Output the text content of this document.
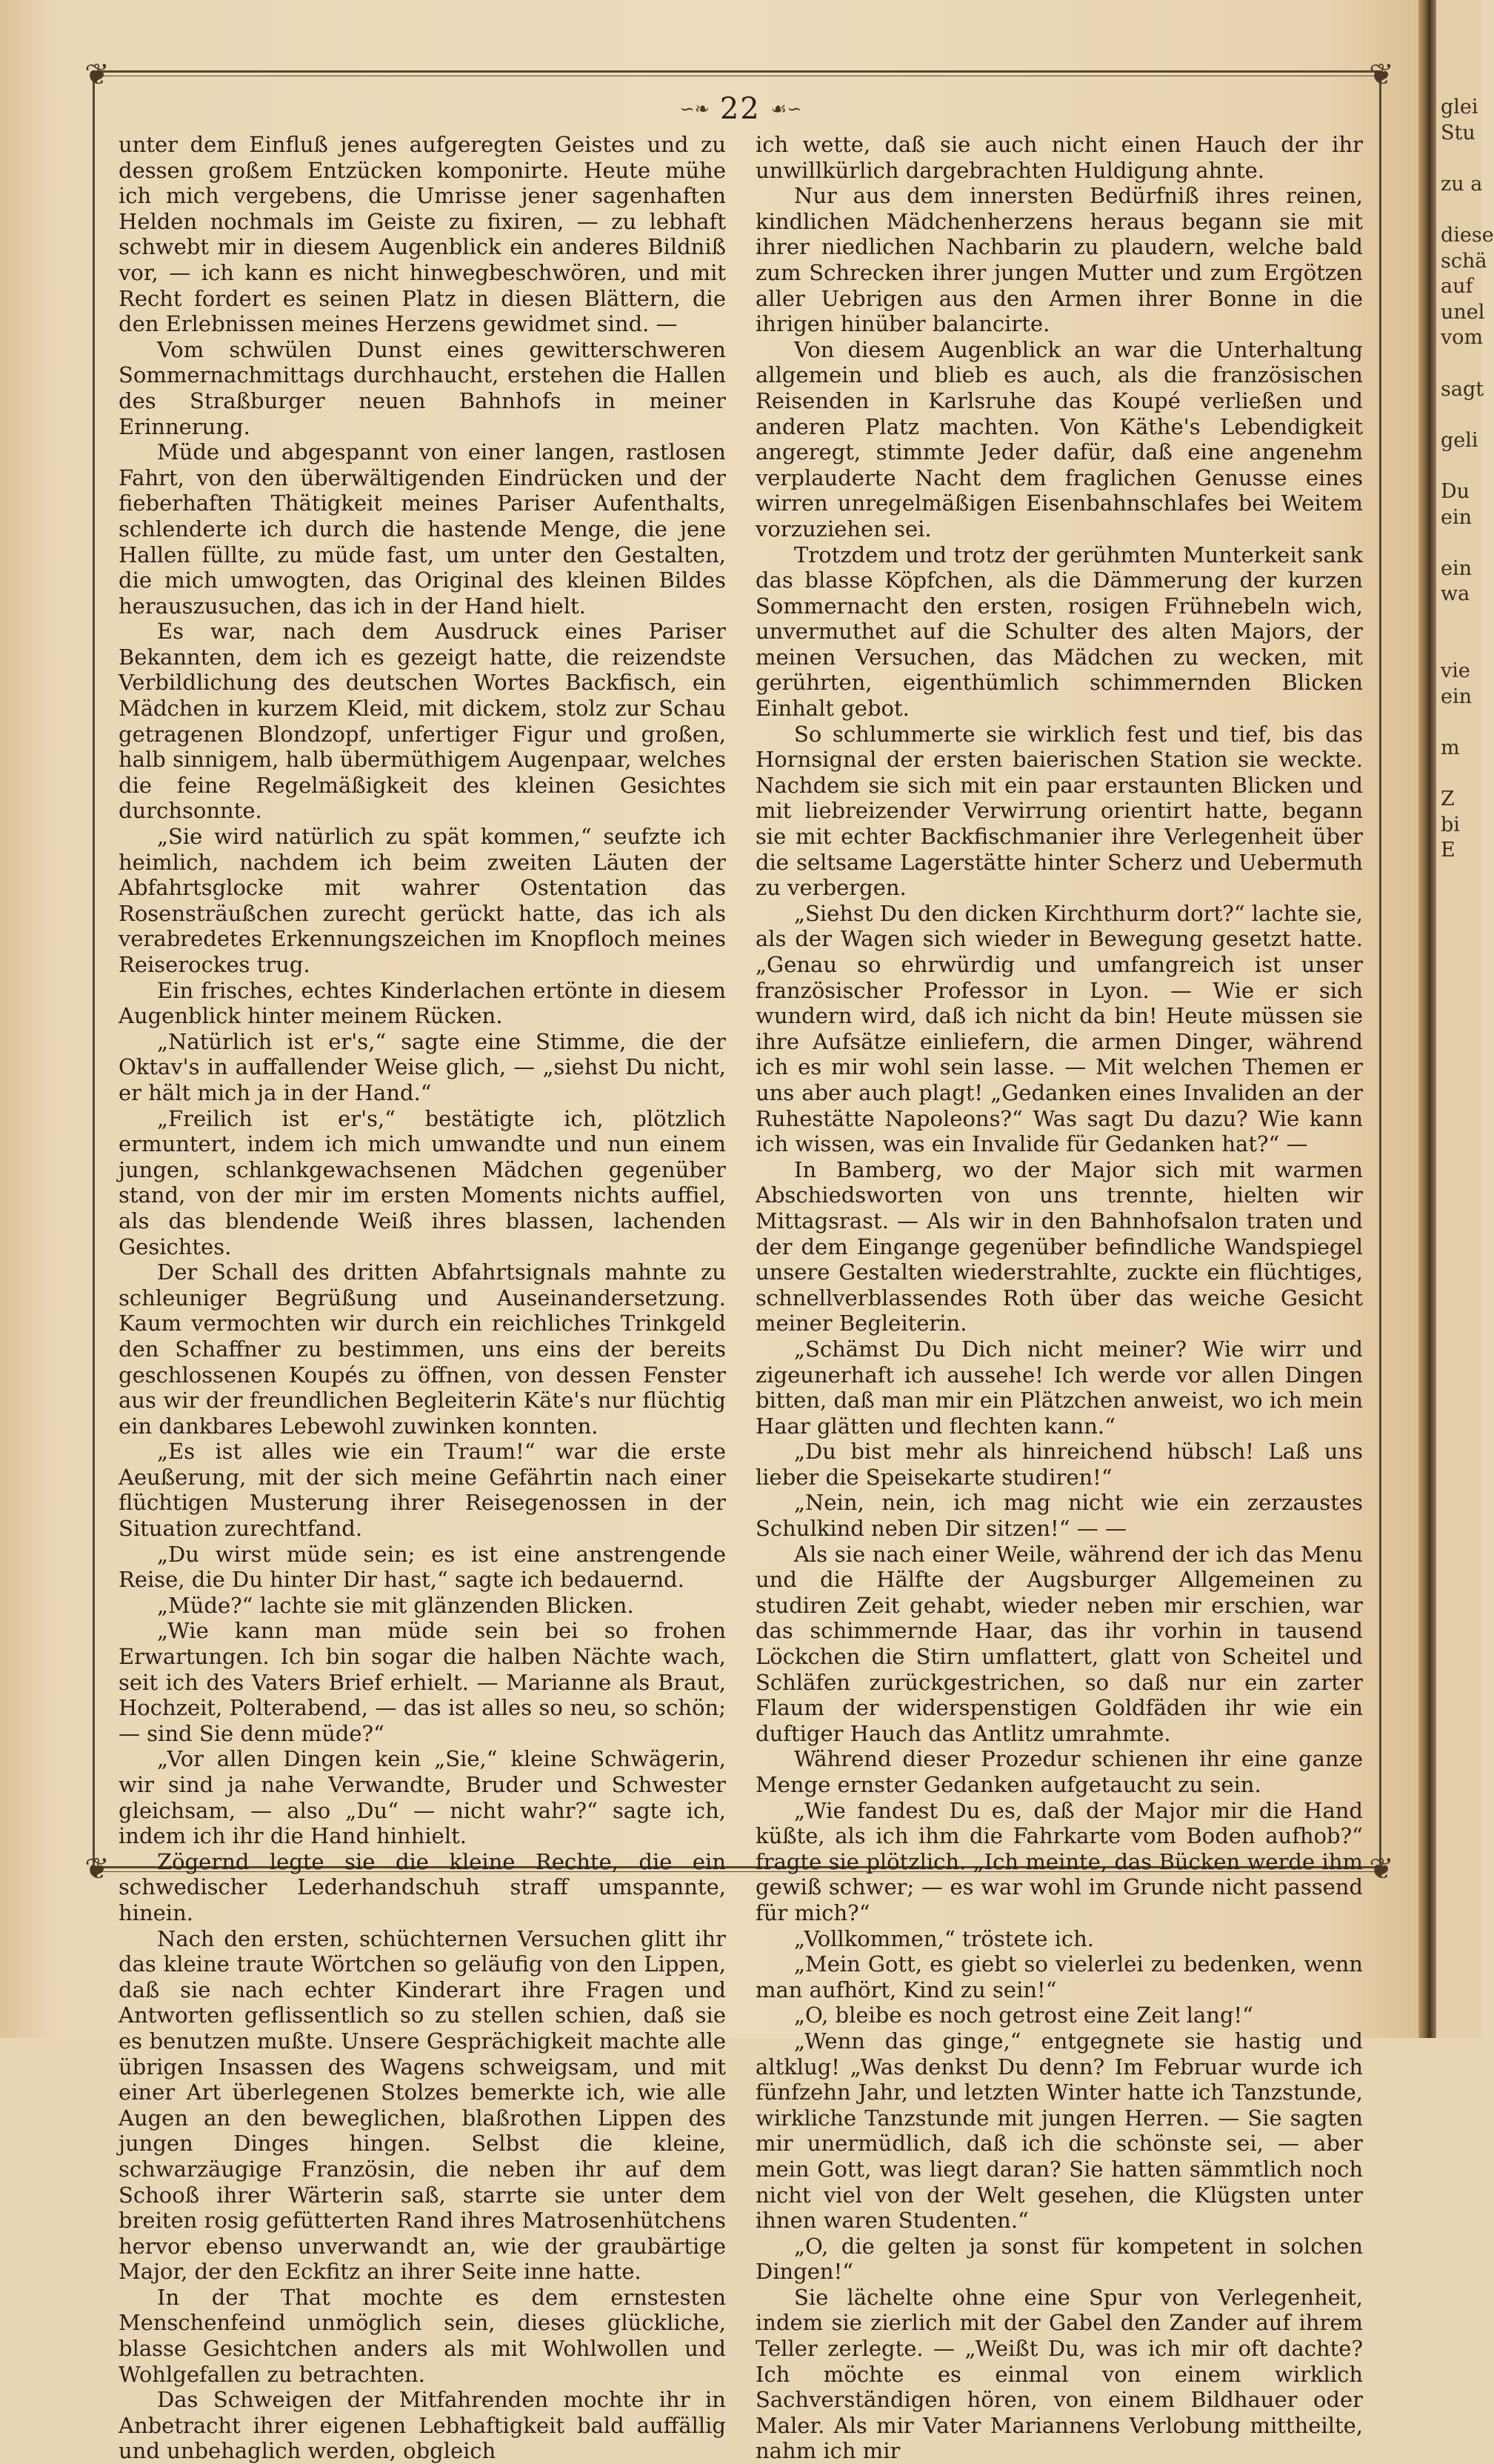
❦	❦
❦	❦
∽❧ 22 ☙∽

unter dem Einfluß jenes aufgeregten Geistes und zu dessen großem Entzücken komponirte. Heute mühe ich mich vergebens, die Umrisse jener sagenhaften Helden nochmals im Geiste zu fixiren, — zu lebhaft schwebt mir in diesem Augenblick ein anderes Bildniß vor, — ich kann es nicht hinwegbeschwören, und mit Recht fordert es seinen Platz in diesen Blättern, die den Erlebnissen meines Herzens gewidmet sind. —

Vom schwülen Dunst eines gewitterschweren Sommernachmittags durchhaucht, erstehen die Hallen des Straßburger neuen Bahnhofs in meiner Erinnerung.

Müde und abgespannt von einer langen, rastlosen Fahrt, von den überwältigenden Eindrücken und der fieberhaften Thätigkeit meines Pariser Aufenthalts, schlenderte ich durch die hastende Menge, die jene Hallen füllte, zu müde fast, um unter den Gestalten, die mich umwogten, das Original des kleinen Bildes herauszusuchen, das ich in der Hand hielt.

Es war, nach dem Ausdruck eines Pariser Bekannten, dem ich es gezeigt hatte, die reizendste Verbildlichung des deutschen Wortes Backfisch, ein Mädchen in kurzem Kleid, mit dickem, stolz zur Schau getragenen Blondzopf, unfertiger Figur und großen, halb sinnigem, halb übermüthigem Augenpaar, welches die feine Regelmäßigkeit des kleinen Gesichtes durchsonnte.

„Sie wird natürlich zu spät kommen,“ seufzte ich heimlich, nachdem ich beim zweiten Läuten der Abfahrtsglocke mit wahrer Ostentation das Rosensträußchen zurecht gerückt hatte, das ich als verabredetes Erkennungszeichen im Knopfloch meines Reiserockes trug.

Ein frisches, echtes Kinderlachen ertönte in diesem Augenblick hinter meinem Rücken.

„Natürlich ist er's,“ sagte eine Stimme, die der Oktav's in auffallender Weise glich, — „siehst Du nicht, er hält mich ja in der Hand.“

„Freilich ist er's,“ bestätigte ich, plötzlich ermuntert, indem ich mich umwandte und nun einem jungen, schlankgewachsenen Mädchen gegenüber stand, von der mir im ersten Moments nichts auffiel, als das blendende Weiß ihres blassen, lachenden Gesichtes.

Der Schall des dritten Abfahrtsignals mahnte zu schleuniger Begrüßung und Auseinandersetzung. Kaum vermochten wir durch ein reichliches Trinkgeld den Schaffner zu bestimmen, uns eins der bereits geschlossenen Koupés zu öffnen, von dessen Fenster aus wir der freundlichen Begleiterin Käte's nur flüchtig ein dankbares Lebewohl zuwinken konnten.

„Es ist alles wie ein Traum!“ war die erste Aeußerung, mit der sich meine Gefährtin nach einer flüchtigen Musterung ihrer Reisegenossen in der Situation zurechtfand.

„Du wirst müde sein; es ist eine anstrengende Reise, die Du hinter Dir hast,“ sagte ich bedauernd.

„Müde?“ lachte sie mit glänzenden Blicken.

„Wie kann man müde sein bei so frohen Erwartungen. Ich bin sogar die halben Nächte wach, seit ich des Vaters Brief erhielt. — Marianne als Braut, Hochzeit, Polterabend, — das ist alles so neu, so schön; — sind Sie denn müde?“

„Vor allen Dingen kein „Sie,“ kleine Schwägerin, wir sind ja nahe Verwandte, Bruder und Schwester gleichsam, — also „Du“ — nicht wahr?“ sagte ich, indem ich ihr die Hand hinhielt.

Zögernd legte sie die kleine Rechte, die ein schwedischer Lederhandschuh straff umspannte, hinein.

Nach den ersten, schüchternen Versuchen glitt ihr das kleine traute Wörtchen so geläufig von den Lippen, daß sie nach echter Kinderart ihre Fragen und Antworten geflissentlich so zu stellen schien, daß sie es benutzen mußte. Unsere Gesprächigkeit machte alle übrigen Insassen des Wagens schweigsam, und mit einer Art überlegenen Stolzes bemerkte ich, wie alle Augen an den beweglichen, blaßrothen Lippen des jungen Dinges hingen. Selbst die kleine, schwarzäugige Französin, die neben ihr auf dem Schooß ihrer Wärterin saß, starrte sie unter dem breiten rosig gefütterten Rand ihres Matrosenhütchens hervor ebenso unverwandt an, wie der graubärtige Major, der den Eckfitz an ihrer Seite inne hatte.

In der That mochte es dem ernstesten Menschenfeind unmöglich sein, dieses glückliche, blasse Gesichtchen anders als mit Wohlwollen und Wohlgefallen zu betrachten.

Das Schweigen der Mitfahrenden mochte ihr in Anbetracht ihrer eigenen Lebhaftigkeit bald auffällig und unbehaglich werden, obgleich

ich wette, daß sie auch nicht einen Hauch der ihr unwillkürlich dargebrachten Huldigung ahnte.

Nur aus dem innersten Bedürfniß ihres reinen, kindlichen Mädchenherzens heraus begann sie mit ihrer niedlichen Nachbarin zu plaudern, welche bald zum Schrecken ihrer jungen Mutter und zum Ergötzen aller Uebrigen aus den Armen ihrer Bonne in die ihrigen hinüber balancirte.

Von diesem Augenblick an war die Unterhaltung allgemein und blieb es auch, als die französischen Reisenden in Karlsruhe das Koupé verließen und anderen Platz machten. Von Käthe's Lebendigkeit angeregt, stimmte Jeder dafür, daß eine angenehm verplauderte Nacht dem fraglichen Genusse eines wirren unregelmäßigen Eisenbahnschlafes bei Weitem vorzuziehen sei.

Trotzdem und trotz der gerühmten Munterkeit sank das blasse Köpfchen, als die Dämmerung der kurzen Sommernacht den ersten, rosigen Frühnebeln wich, unvermuthet auf die Schulter des alten Majors, der meinen Versuchen, das Mädchen zu wecken, mit gerührten, eigenthümlich schimmernden Blicken Einhalt gebot.

So schlummerte sie wirklich fest und tief, bis das Hornsignal der ersten baierischen Station sie weckte. Nachdem sie sich mit ein paar erstaunten Blicken und mit liebreizender Verwirrung orientirt hatte, begann sie mit echter Backfischmanier ihre Verlegenheit über die seltsame Lagerstätte hinter Scherz und Uebermuth zu verbergen.

„Siehst Du den dicken Kirchthurm dort?“ lachte sie, als der Wagen sich wieder in Bewegung gesetzt hatte. „Genau so ehrwürdig und umfangreich ist unser französischer Professor in Lyon. — Wie er sich wundern wird, daß ich nicht da bin! Heute müssen sie ihre Aufsätze einliefern, die armen Dinger, während ich es mir wohl sein lasse. — Mit welchen Themen er uns aber auch plagt! „Gedanken eines Invaliden an der Ruhestätte Napoleons?“ Was sagt Du dazu? Wie kann ich wissen, was ein Invalide für Gedanken hat?“ —

In Bamberg, wo der Major sich mit warmen Abschiedsworten von uns trennte, hielten wir Mittagsrast. — Als wir in den Bahnhofsalon traten und der dem Eingange gegenüber befindliche Wandspiegel unsere Gestalten wiederstrahlte, zuckte ein flüchtiges, schnellverblassendes Roth über das weiche Gesicht meiner Begleiterin.

„Schämst Du Dich nicht meiner? Wie wirr und zigeunerhaft ich aussehe! Ich werde vor allen Dingen bitten, daß man mir ein Plätzchen anweist, wo ich mein Haar glätten und flechten kann.“

„Du bist mehr als hinreichend hübsch! Laß uns lieber die Speisekarte studiren!“

„Nein, nein, ich mag nicht wie ein zerzaustes Schulkind neben Dir sitzen!“ — —

Als sie nach einer Weile, während der ich das Menu und die Hälfte der Augsburger Allgemeinen zu studiren Zeit gehabt, wieder neben mir erschien, war das schimmernde Haar, das ihr vorhin in tausend Löckchen die Stirn umflattert, glatt von Scheitel und Schläfen zurückgestrichen, so daß nur ein zarter Flaum der widerspenstigen Goldfäden ihr wie ein duftiger Hauch das Antlitz umrahmte.

Während dieser Prozedur schienen ihr eine ganze Menge ernster Gedanken aufgetaucht zu sein.

„Wie fandest Du es, daß der Major mir die Hand küßte, als ich ihm die Fahrkarte vom Boden aufhob?“ fragte sie plötzlich. „Ich meinte, das Bücken werde ihm gewiß schwer; — es war wohl im Grunde nicht passend für mich?“

„Vollkommen,“ tröstete ich.

„Mein Gott, es giebt so vielerlei zu bedenken, wenn man aufhört, Kind zu sein!“

„O, bleibe es noch getrost eine Zeit lang!“

„Wenn das ginge,“ entgegnete sie hastig und altklug! „Was denkst Du denn? Im Februar wurde ich fünfzehn Jahr, und letzten Winter hatte ich Tanzstunde, wirkliche Tanzstunde mit jungen Herren. — Sie sagten mir unermüdlich, daß ich die schönste sei, — aber mein Gott, was liegt daran? Sie hatten sämmtlich noch nicht viel von der Welt gesehen, die Klügsten unter ihnen waren Studenten.“

„O, die gelten ja sonst für kompetent in solchen Dingen!“

Sie lächelte ohne eine Spur von Verlegenheit, indem sie zierlich mit der Gabel den Zander auf ihrem Teller zerlegte. — „Weißt Du, was ich mir oft dachte? Ich möchte es einmal von einem wirklich Sachverständigen hören, von einem Bildhauer oder Maler. Als mir Vater Mariannens Verlobung mittheilte, nahm ich mir

glei
Stu

zu a

diese
schä
auf
unel
vom

sagt

geli

Du
ein

ein
wa

vie
ein

m

Z
bi
E
